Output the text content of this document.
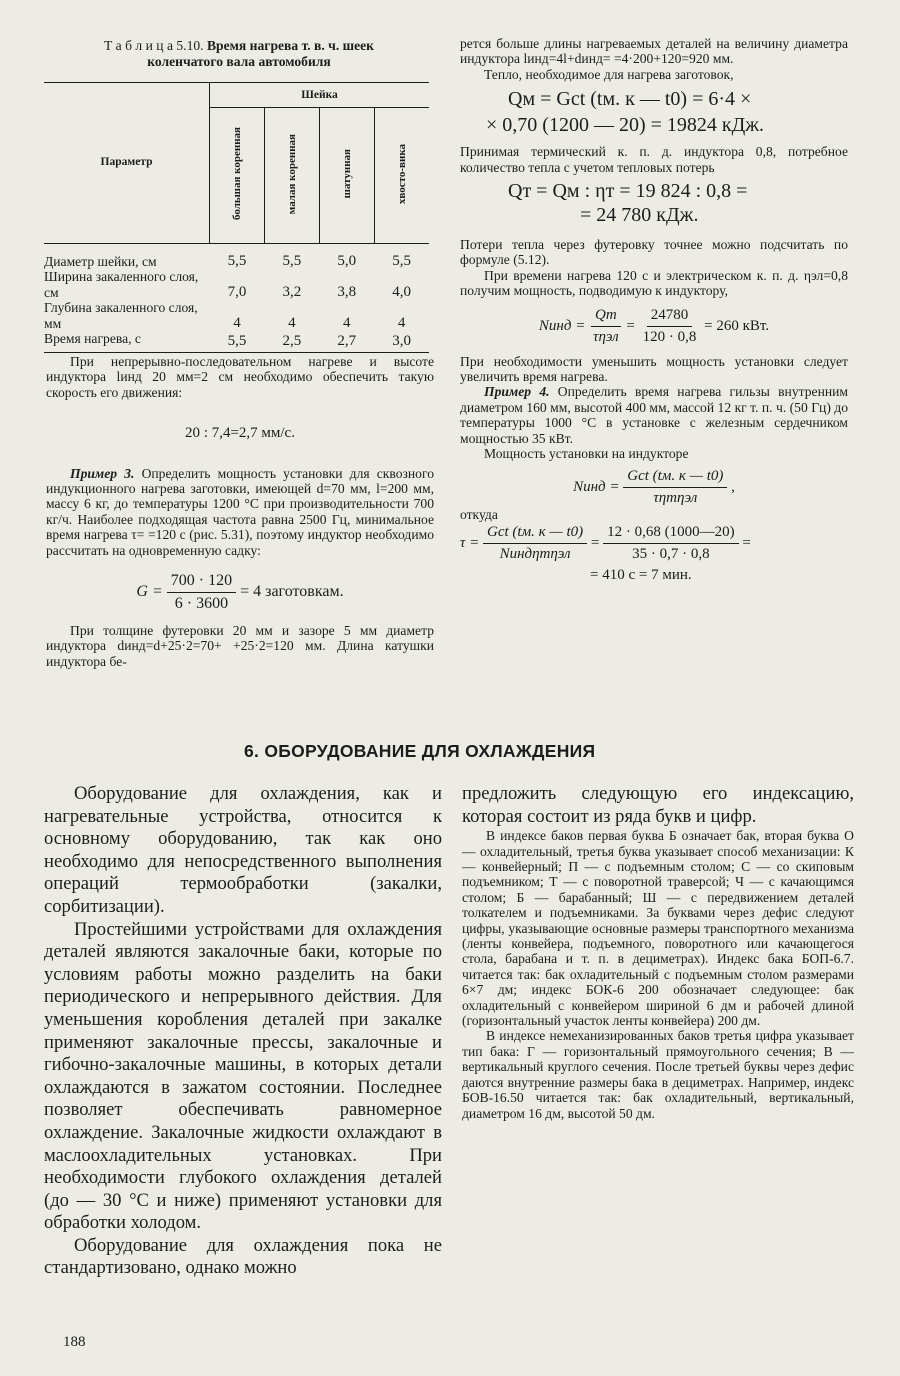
Т а б л и ц а 5.10. Время нагрева т. в. ч. шеек коленчатого вала автомобиля

Параметр	Шейка			
	большая коренная	малая коренная	шатунная	хвосто-вика

Диаметр шейки, см	5,5	5,5	5,0	5,5
Ширина закаленного слоя, см	7,0	3,2	3,8	4,0
Глубина закаленного слоя, мм	4	4	4	4
Время нагрева, с	5,5	2,5	2,7	3,0

При непрерывно-последовательном нагреве и высоте индуктора lинд 20 мм=2 см необходимо обеспечить такую скорость его движения:

20 : 7,4=2,7 мм/с.

Пример 3. Определить мощность установки для сквозного индукционного нагрева заготовки, имеющей d=70 мм, l=200 мм, массу 6 кг, до температуры 1200 °С при производительности 700 кг/ч. Наиболее подходящая частота равна 2500 Гц, минимальное время нагрева τ= =120 с (рис. 5.31), поэтому индуктор необходимо рассчитать на одновременную садку:

$G = \frac{700 \cdot 120}{6 \cdot 3600} = 4$ заготовкам.

При толщине футеровки 20 мм и зазоре 5 мм диаметр индуктора dинд=d+25·2=70+ +25·2=120 мм. Длина катушки индуктора бе-

рется больше длины нагреваемых деталей на величину диаметра индуктора lинд=4l+dинд= =4·200+120=920 мм.

Тепло, необходимое для нагрева заготовок,

Qм = Gct (tм. к — t0) = 6·4 ×
× 0,70 (1200 — 20) = 19824 кДж.

Принимая термический к. п. д. индуктора 0,8, потребное количество тепла с учетом тепловых потерь

Qт = Qм : ηт = 19 824 : 0,8 =
= 24 780 кДж.

Потери тепла через футеровку точнее можно подсчитать по формуле (5.12).

При времени нагрева 120 с и электрическом к. п. д. ηэл=0,8 получим мощность, подводимую к индуктору,

Nинд = $\frac{Qт}{\text{τηэл}} = \frac{24780}{120 \cdot 0,8} = 260$ кВт.

При необходимости уменьшить мощность установки следует увеличить время нагрева.

Пример 4. Определить время нагрева гильзы внутренним диаметром 160 мм, высотой 400 мм, массой 12 кг т. п. ч. (50 Гц) до температуры 1000 °С в установке с железным сердечником мощностью 35 кВт.

Мощность установки на индукторе

Nинд = $\frac{\text{Gct (tм. к — t0)}}{\text{τηтηэл}}$ ,

откуда

$\tau = \frac{\text{Gct (tм. к — t0)}}{\text{Nиндηтηэл}} = \frac{12 \cdot 0,68 (1000—20)}{35 \cdot 0,7 \cdot 0,8}$ =
= 410 с = 7 мин.
6. ОБОРУДОВАНИЕ ДЛЯ ОХЛАЖДЕНИЯ

Оборудование для охлаждения, как и нагревательные устройства, относится к основному оборудованию, так как оно необходимо для непосредственного выполнения операций термообработки (закалки, сорбитизации).

Простейшими устройствами для охлаждения деталей являются закалочные баки, которые по условиям работы можно разделить на баки периодического и непрерывного действия. Для уменьшения коробления деталей при закалке применяют закалочные прессы, закалочные и гибочно-закалочные машины, в которых детали охлаждаются в зажатом состоянии. Последнее позволяет обеспечивать равномерное охлаждение. Закалочные жидкости охлаждают в маслоохладительных установках. При необходимости глубокого охлаждения деталей (до — 30 °С и ниже) применяют установки для обработки холодом.

Оборудование для охлаждения пока не стандартизовано, однако можно

предложить следующую его индексацию, которая состоит из ряда букв и цифр.

В индексе баков первая буква Б означает бак, вторая буква О — охладительный, третья буква указывает способ механизации: К — конвейерный; П — с подъемным столом; С — со скиповым подъемником; Т — с поворотной траверсой; Ч — с качающимся столом; Б — барабанный; Ш — с передвижением деталей толкателем и подъемниками. За буквами через дефис следуют цифры, указывающие основные размеры транспортного механизма (ленты конвейера, подъемного, поворотного или качающегося стола, барабана и т. п. в дециметрах). Индекс бака БОП-6.7. читается так: бак охладительный с подъемным столом размерами 6×7 дм; индекс БОК-6 200 обозначает следующее: бак охладительный с конвейером шириной 6 дм и рабочей длиной (горизонтальный участок ленты конвейера) 200 дм.

В индексе немеханизированных баков третья цифра указывает тип бака: Г — горизонтальный прямоугольного сечения; В — вертикальный круглого сечения. После третьей буквы через дефис даются внутренние размеры бака в дециметрах. Например, индекс БОВ-16.50 читается так: бак охладительный, вертикальный, диаметром 16 дм, высотой 50 дм.

188
